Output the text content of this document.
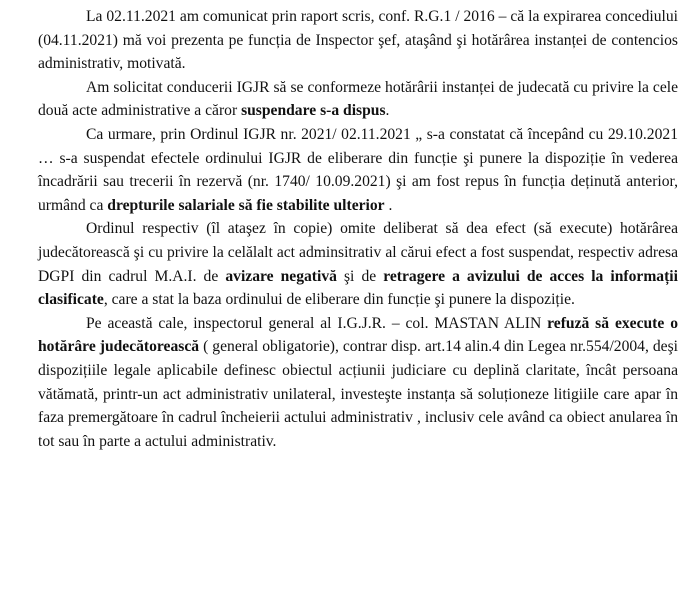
La 02.11.2021 am comunicat prin raport scris, conf. R.G.1 / 2016 – că la expirarea concediului (04.11.2021) mă voi prezenta pe funcția de Inspector şef, ataşând şi hotărârea instanței de contencios administrativ, motivată.

Am solicitat conducerii IGJR să se conformeze hotărârii instanței de judecată cu privire la cele două acte administrative a căror suspendare s-a dispus.

Ca urmare, prin Ordinul IGJR nr. 2021/ 02.11.2021 „ s-a constatat că începând cu 29.10.2021 … s-a suspendat efectele ordinului IGJR de eliberare din funcție şi punere la dispoziție în vederea încadrării sau trecerii în rezervă (nr. 1740/ 10.09.2021) şi am fost repus în funcția deținută anterior, urmând ca drepturile salariale să fie stabilite ulterior .

Ordinul respectiv (îl ataşez în copie) omite deliberat să dea efect (să execute) hotărârea judecătorească şi cu privire la celălalt act adminsitrativ al cărui efect a fost suspendat, respectiv adresa DGPI din cadrul M.A.I. de avizare negativă şi de retragere a avizului de acces la informații clasificate, care a stat la baza ordinului de eliberare din funcție şi punere la dispoziție.

Pe această cale, inspectorul general al I.G.J.R. – col. MASTAN ALIN refuză să execute o hotărâre judecătorească ( general obligatorie), contrar disp. art.14 alin.4 din Legea nr.554/2004, deşi dispozițiile legale aplicabile definesc obiectul acțiunii judiciare cu deplină claritate, încât persoana vătămată, printr-un act administrativ unilateral, investeşte instanța să soluționeze litigiile care apar în faza premergătoare în cadrul încheierii actului administrativ , inclusiv cele având ca obiect anularea în tot sau în parte a actului administrativ.
